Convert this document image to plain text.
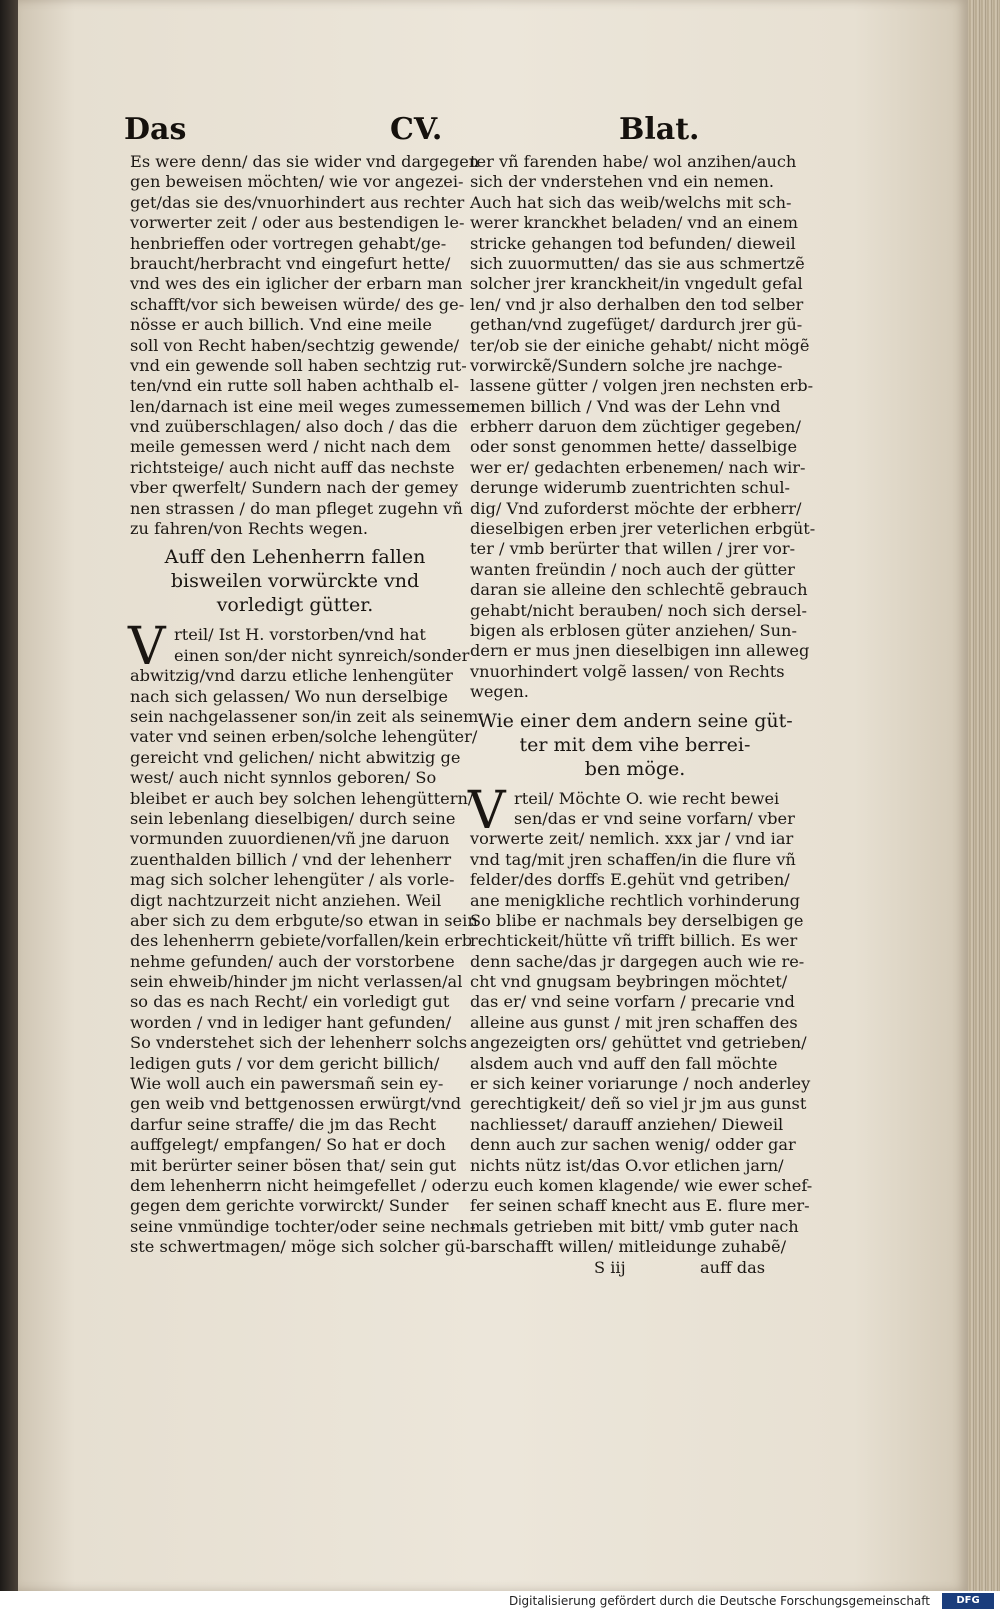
Das	CV.	Blat.
Es were denn/ das sie wider vnd dargegen
gen beweisen möchten/ wie vor angezei-
get/das sie des/vnuorhindert aus rechter
vorwerter zeit / oder aus bestendigen le-
henbrieffen oder vortregen gehabt/ge-
braucht/herbracht vnd eingefurt hette/
vnd wes des ein iglicher der erbarn man
schafft/vor sich beweisen würde/ des ge-
nösse er auch billich. Vnd eine meile
soll von Recht haben/sechtzig gewende/
vnd ein gewende soll haben sechtzig rut-
ten/vnd ein rutte soll haben achthalb el-
len/darnach ist eine meil weges zumessen
vnd zuüberschlagen/ also doch / das die
meile gemessen werd / nicht nach dem
richtsteige/ auch nicht auff das nechste
vber qwerfelt/ Sundern nach der gemey
nen strassen / do man pfleget zugehn vñ
zu fahren/von Rechts wegen.
Auff den Lehenherrn fallen
bisweilen vorwürckte vnd
vorledigt gütter.
V rteil/ Ist H. vorstorben/vnd hat
einen son/der nicht synreich/sonder
abwitzig/vnd darzu etliche lenhengüter
nach sich gelassen/ Wo nun derselbige
sein nachgelassener son/in zeit als seinem
vater vnd seinen erben/solche lehengüter/
gereicht vnd gelichen/ nicht abwitzig ge
west/ auch nicht synnlos geboren/ So
bleibet er auch bey solchen lehengüttern/
sein lebenlang dieselbigen/ durch seine
vormunden zuuordienen/vñ jne daruon
zuenthalden billich / vnd der lehenherr
mag sich solcher lehengüter / als vorle-
digt nachtzurzeit nicht anziehen. Weil
aber sich zu dem erbgute/so etwan in sein
des lehenherrn gebiete/vorfallen/kein erb
nehme gefunden/ auch der vorstorbene
sein ehweib/hinder jm nicht verlassen/al
so das es nach Recht/ ein vorledigt gut
worden / vnd in lediger hant gefunden/
So vnderstehet sich der lehenherr solchs
ledigen guts / vor dem gericht billich/
Wie woll auch ein pawersmañ sein ey-
gen weib vnd bettgenossen erwürgt/vnd
darfur seine straffe/ die jm das Recht
auffgelegt/ empfangen/ So hat er doch
mit berürter seiner bösen that/ sein gut
dem lehenherrn nicht heimgefellet / oder
gegen dem gerichte vorwirckt/ Sunder
seine vnmündige tochter/oder seine nech-
ste schwertmagen/ möge sich solcher gü-
ter vñ farenden habe/ wol anzihen/auch
sich der vnderstehen vnd ein nemen.
Auch hat sich das weib/welchs mit sch-
werer kranckhet beladen/ vnd an einem
stricke gehangen tod befunden/ dieweil
sich zuuormutten/ das sie aus schmertzẽ
solcher jrer kranckheit/in vngedult gefal
len/ vnd jr also derhalben den tod selber
gethan/vnd zugefüget/ dardurch jrer gü-
ter/ob sie der einiche gehabt/ nicht mögẽ
vorwirckẽ/Sundern solche jre nachge-
lassene gütter / volgen jren nechsten erb-
nemen billich / Vnd was der Lehn vnd
erbherr daruon dem züchtiger gegeben/
oder sonst genommen hette/ dasselbige
wer er/ gedachten erbenemen/ nach wir-
derunge widerumb zuentrichten schul-
dig/ Vnd zuforderst möchte der erbherr/
dieselbigen erben jrer veterlichen erbgüt-
ter / vmb berürter that willen / jrer vor-
wanten freündin / noch auch der gütter
daran sie alleine den schlechtẽ gebrauch
gehabt/nicht berauben/ noch sich dersel-
bigen als erblosen güter anziehen/ Sun-
dern er mus jnen dieselbigen inn alleweg
vnuorhindert volgẽ lassen/ von Rechts
wegen.
Wie einer dem andern seine güt-
ter mit dem vihe berrei-
ben möge.
V rteil/ Möchte O. wie recht bewei
sen/das er vnd seine vorfarn/ vber
vorwerte zeit/ nemlich. xxx jar / vnd iar
vnd tag/mit jren schaffen/in die flure vñ
felder/des dorffs E.gehüt vnd getriben/
ane menigkliche rechtlich vorhinderung
So blibe er nachmals bey derselbigen ge
rechtickeit/hütte vñ trifft billich. Es wer
denn sache/das jr dargegen auch wie re-
cht vnd gnugsam beybringen möchtet/
das er/ vnd seine vorfarn / precarie vnd
alleine aus gunst / mit jren schaffen des
angezeigten ors/ gehüttet vnd getrieben/
alsdem auch vnd auff den fall möchte
er sich keiner voriarunge / noch anderley
gerechtigkeit/ deñ so viel jr jm aus gunst
nachliesset/ darauff anziehen/ Dieweil
denn auch zur sachen wenig/ odder gar
nichts nütz ist/das O.vor etlichen jarn/
zu euch komen klagende/ wie ewer schef-
fer seinen schaff knecht aus E. flure mer-
mals getrieben mit bitt/ vmb guter nach
barschafft willen/ mitleidunge zuhabẽ/
S iij	auff das
Digitalisierung gefördert durch die Deutsche Forschungsgemeinschaft	DFG
